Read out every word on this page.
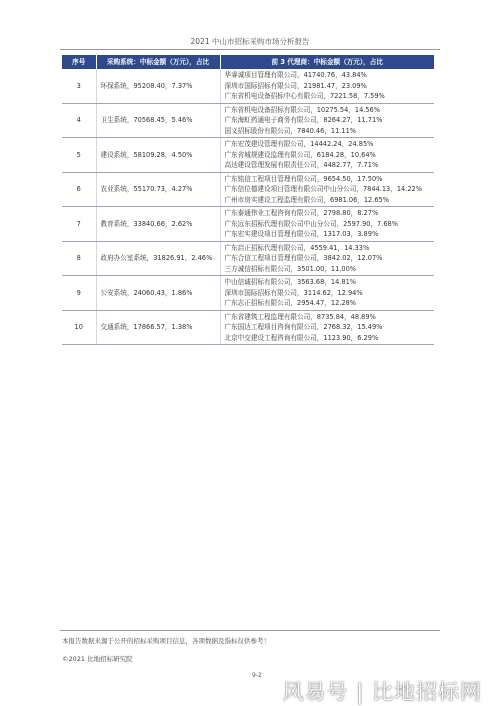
2021 中山市招标采购市场分析报告
序号	采购系统：中标金额（万元），占比	前 3 代理商：中标金额（万元），占比
3	环保系统，95208.40，7.37%	华睿诚项目管理有限公司，41740.76，43.84%
深圳市国际招标有限公司，21981.47，23.09%
广东省机电设备招标中心有限公司，7221.58，7.59%

4	卫生系统，70568.45，5.46%	广东省机电设备招标有限公司，10275.54，14.56%
广东海虹药通电子商务有限公司，8264.27，11.71%
国义招标股份有限公司，7840.46，11.11%

5	建设系统，58109.28，4.50%	广东宏茂建设管理有限公司，14442.24，24.85%
广东省城规建设监理有限公司，6184.28，10.64%
高达建设管理发展有限责任公司，4482.77，7.71%

6	农业系统，55170.73，4.27%	广东铭信工程项目管理有限公司，9654.50，17.50%
广东信位德建设项目管理有限公司中山分公司，7844.13，14.22%
广州市房实建设工程监理有限公司，6981.06，12.65%

7	教育系统，33840.66，2.62%	广东泰通伟业工程咨询有限公司，2798.80，8.27%
广东远东招标代理有限公司中山分公司，2597.90，7.68%
广东宏实建设项目管理有限公司，1317.03，3.89%

8	政府办公室系统，31826.91，2.46%	广东启正招标代理有限公司，4559.41，14.33%
广东合信工程项目管理有限公司，3842.02，12.07%
三方诚信招标有限公司，3501.00，11.00%

9	公安系统，24060.43，1.86%	中山信诚招标有限公司，3563.68，14.81%
深圳市国际招标有限公司，3114.62，12.94%
广东志正招标有限公司，2954.47，12.28%

10	交通系统，17866.57，1.38%	广东省建筑工程监理有限公司，8735.84，48.89%
广东国达工程项目咨询有限公司，2768.32，15.49%
北京中交建设工程咨询有限公司，1123.90，6.29%
本报告数据来源于公开的招标采购项目信息，各项数据及指标仅供参考！
©2021 比地招标研究院
9-2
风易号 | 比地招标网
